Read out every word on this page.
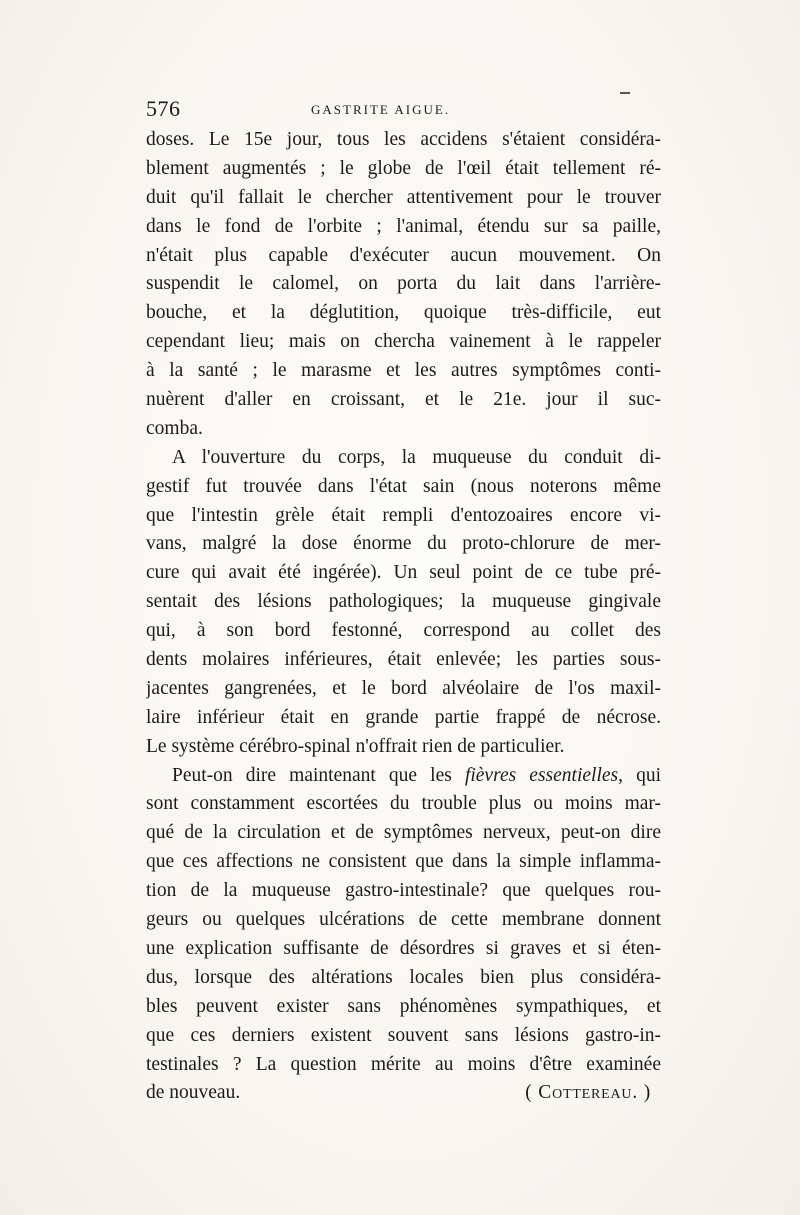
576	GASTRITE AIGUE.
doses. Le 15e jour, tous les accidens s'étaient considéra-
blement augmentés ; le globe de l'œil était tellement ré-
duit qu'il fallait le chercher attentivement pour le trouver
dans le fond de l'orbite ; l'animal, étendu sur sa paille,
n'était plus capable d'exécuter aucun mouvement. On
suspendit le calomel, on porta du lait dans l'arrière-
bouche, et la déglutition, quoique très-difficile, eut
cependant lieu; mais on chercha vainement à le rappeler
à la santé ; le marasme et les autres symptômes conti-
nuèrent d'aller en croissant, et le 21e. jour il suc-
comba.
A l'ouverture du corps, la muqueuse du conduit di-
gestif fut trouvée dans l'état sain (nous noterons même
que l'intestin grèle était rempli d'entozoaires encore vi-
vans, malgré la dose énorme du proto-chlorure de mer-
cure qui avait été ingérée). Un seul point de ce tube pré-
sentait des lésions pathologiques; la muqueuse gingivale
qui, à son bord festonné, correspond au collet des
dents molaires inférieures, était enlevée; les parties sous-
jacentes gangrenées, et le bord alvéolaire de l'os maxil-
laire inférieur était en grande partie frappé de nécrose.
Le système cérébro-spinal n'offrait rien de particulier.
Peut-on dire maintenant que les fièvres essentielles, qui
sont constamment escortées du trouble plus ou moins mar-
qué de la circulation et de symptômes nerveux, peut-on dire
que ces affections ne consistent que dans la simple inflamma-
tion de la muqueuse gastro-intestinale? que quelques rou-
geurs ou quelques ulcérations de cette membrane donnent
une explication suffisante de désordres si graves et si éten-
dus, lorsque des altérations locales bien plus considéra-
bles peuvent exister sans phénomènes sympathiques, et
que ces derniers existent souvent sans lésions gastro-in-
testinales ? La question mérite au moins d'être examinée
de nouveau.	( Cottereau. )
